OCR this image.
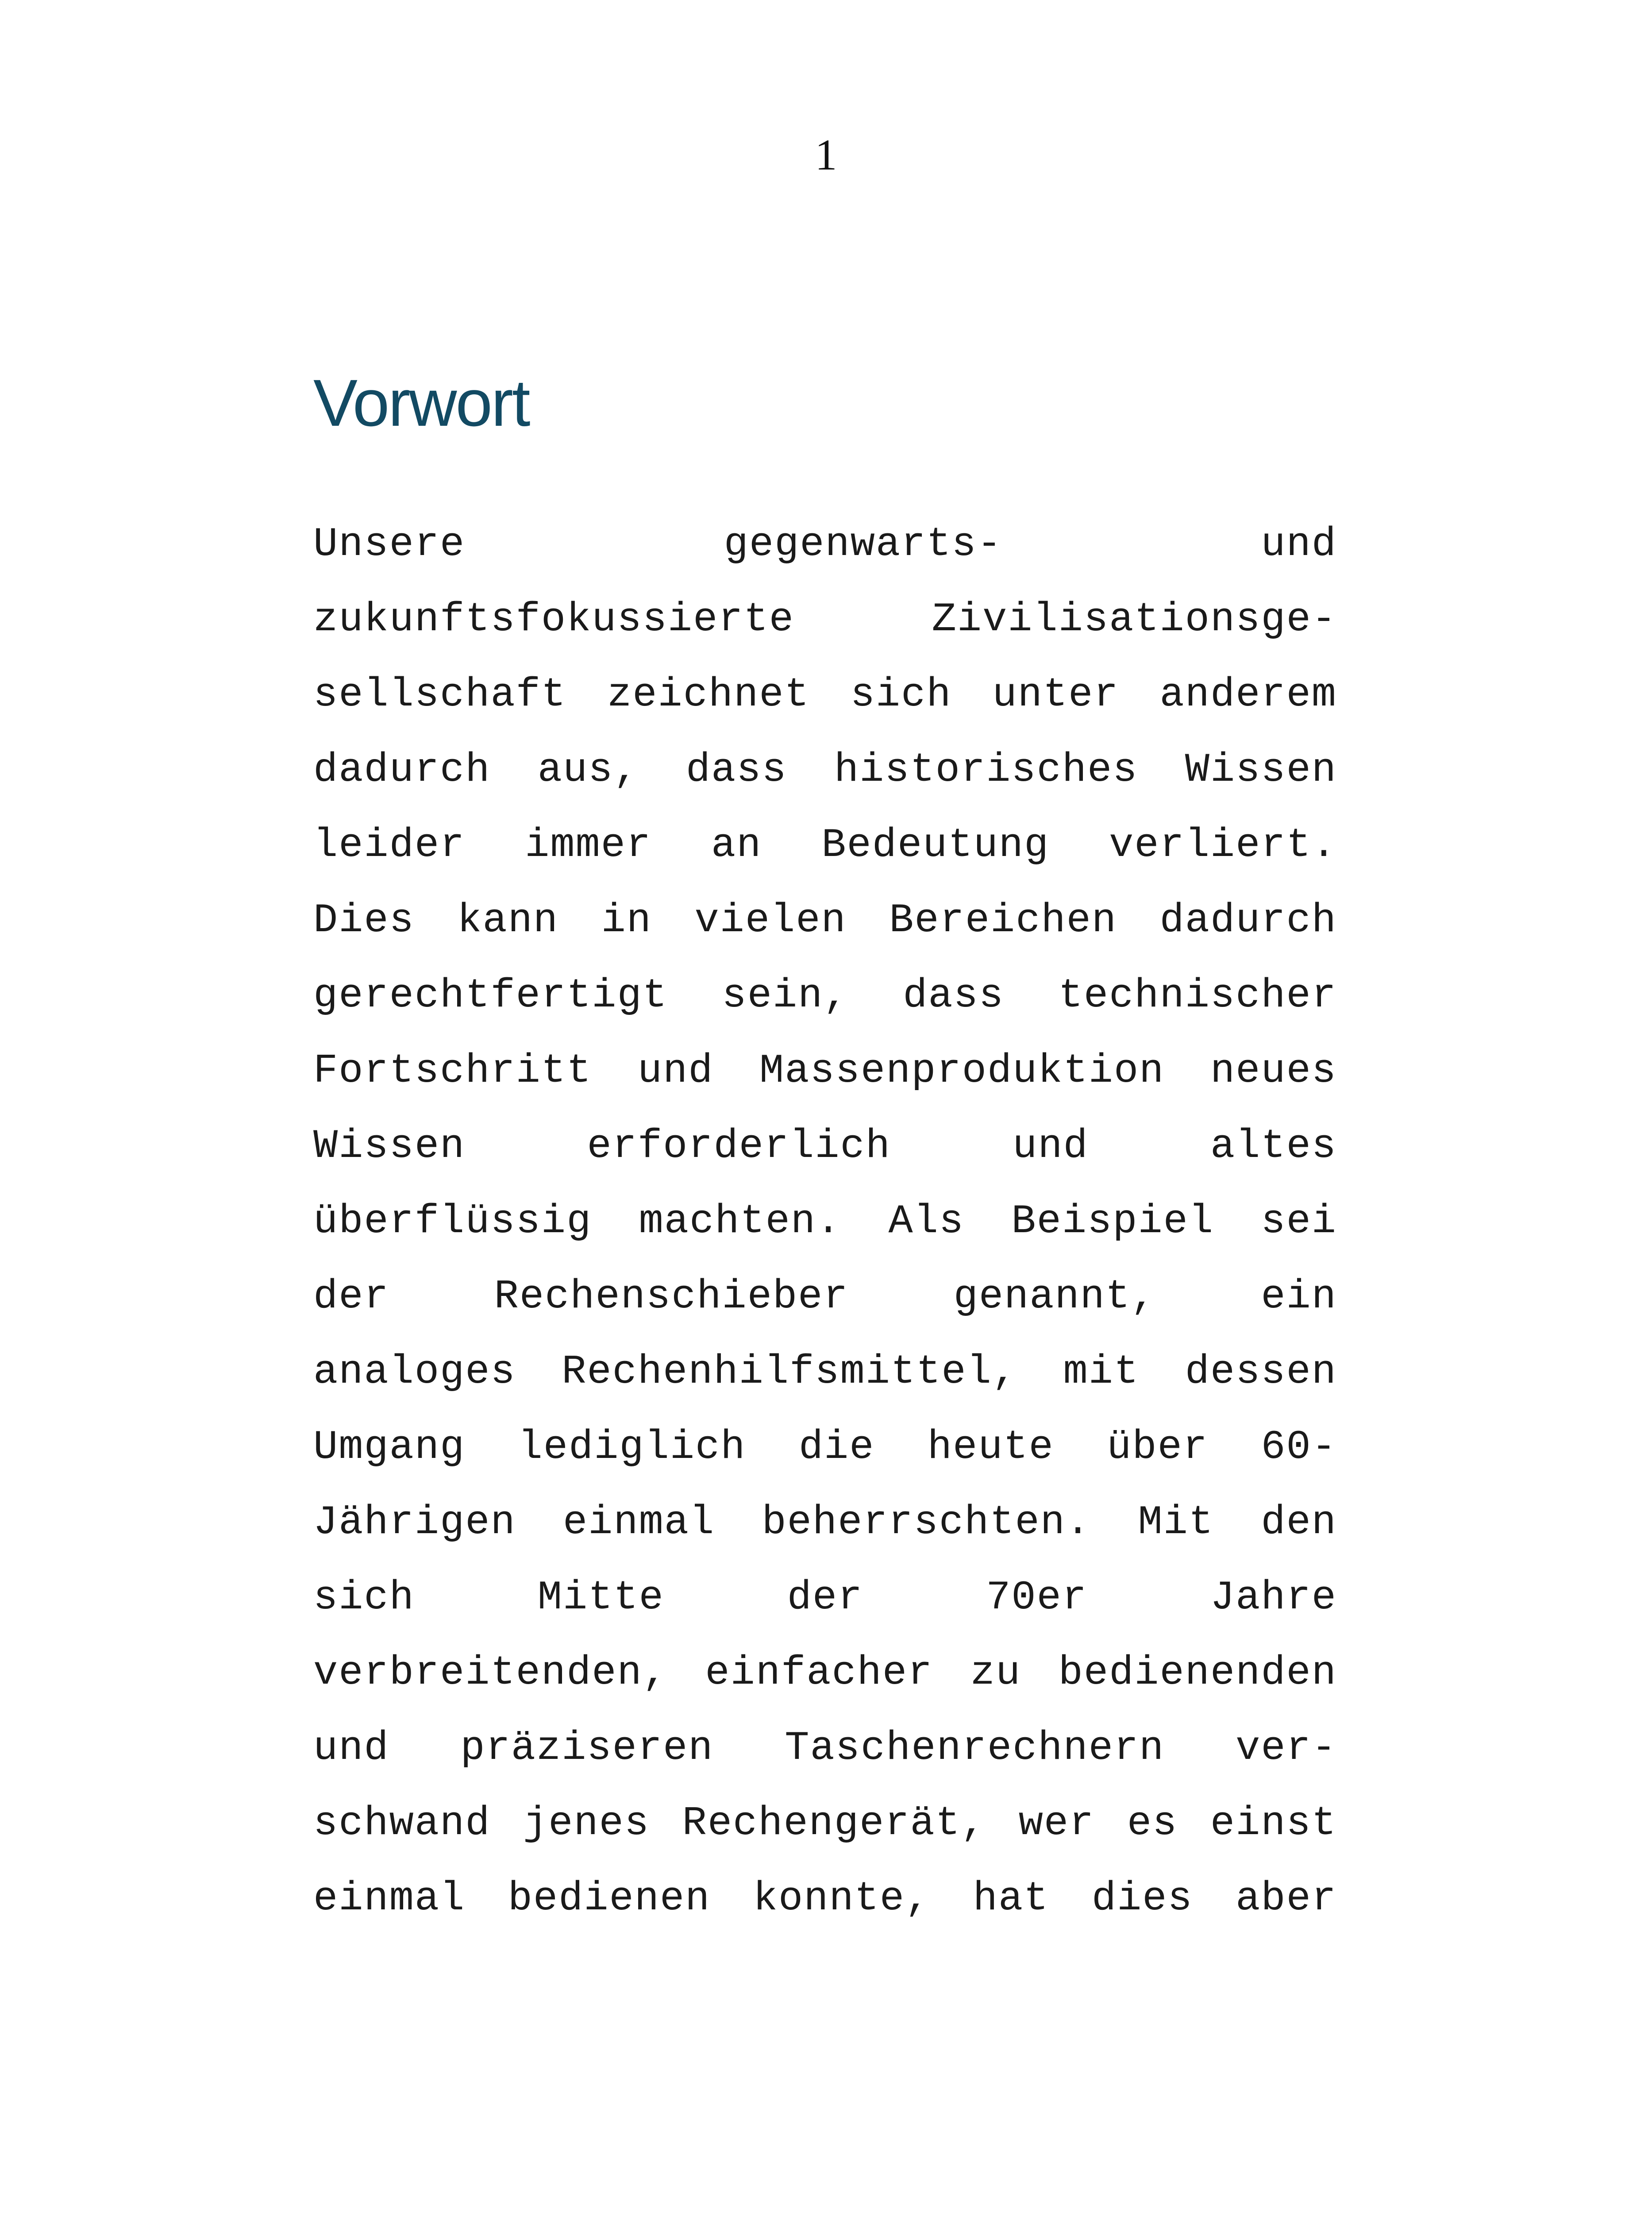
1
Vorwort
Unsere	gegenwarts-	und
zukunftsfokussierte	Zivilisationsge-
sellschaft zeichnet sich unter anderem
dadurch aus, dass historisches Wissen
leider immer an Bedeutung verliert.
Dies kann in vielen Bereichen dadurch
gerechtfertigt sein, dass technischer
Fortschritt und Massenproduktion neues
Wissen	erforderlich	und	altes
überflüssig machten. Als Beispiel sei
der	Rechenschieber	genannt,	ein
analoges Rechenhilfsmittel, mit dessen
Umgang lediglich die heute über 60-
Jährigen einmal beherrschten. Mit den
sich	Mitte	der	70er	Jahre
verbreitenden, einfacher zu bedienenden
und präziseren Taschenrechnern ver-
schwand jenes Rechengerät, wer es einst
einmal bedienen konnte, hat dies aber
